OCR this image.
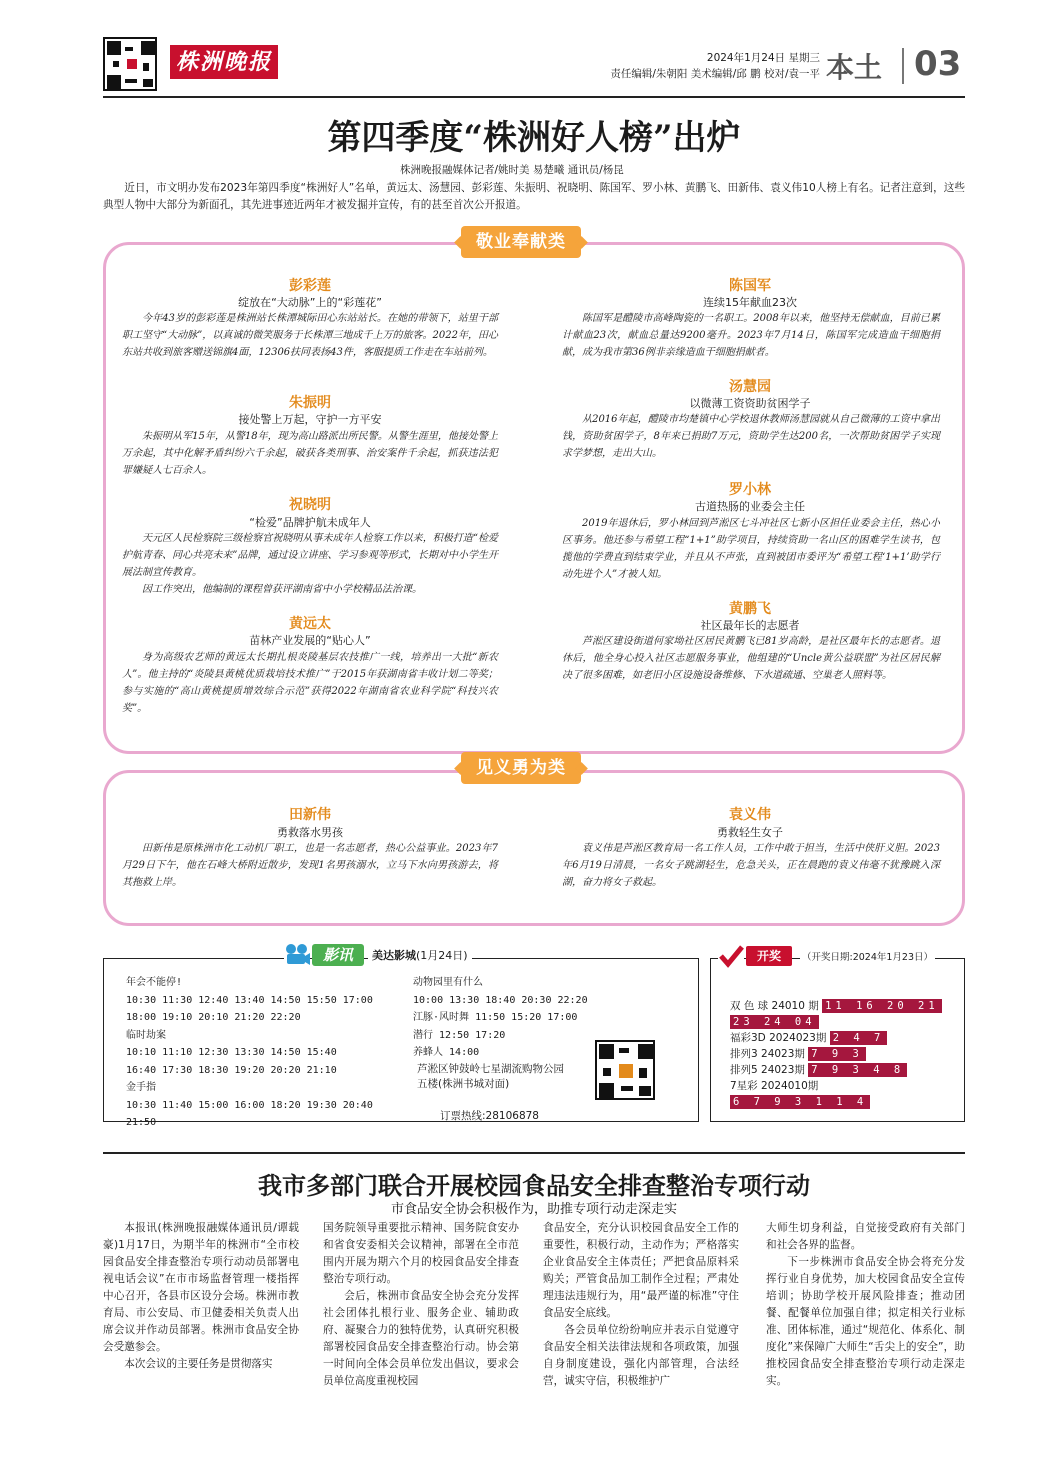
株洲晚报	2024年1月24日 星期三
责任编辑/朱朝阳 美术编辑/邱 鹏 校对/袁一平 本土 03
第四季度“株洲好人榜”出炉
株洲晚报融媒体记者/姚时美 易楚曦 通讯员/杨昆
近日，市文明办发布2023年第四季度“株洲好人”名单，黄远太、汤慧园、彭彩莲、朱振明、祝晓明、陈国军、罗小林、黄鹏飞、田新伟、袁义伟10人榜上有名。记者注意到，这些典型人物中大部分为新面孔，其先进事迹近两年才被发掘并宣传，有的甚至首次公开报道。
敬业奉献类
彭彩莲
绽放在“大动脉”上的“彩莲花”
今年43岁的彭彩莲是株洲站长株潭城际田心东站站长。在她的带领下，站里干部职工坚守“大动脉”，以真诚的微笑服务于长株潭三地成千上万的旅客。2022年，田心东站共收到旅客赠送锦旗4面，12306扶同表扬43件，客服提质工作走在车站前列。
朱振明
接处警上万起，守护一方平安
朱振明从军15年，从警18年，现为高山路派出所民警。从警生涯里，他接处警上万余起，其中化解矛盾纠纷六千余起，破获各类刑事、治安案件千余起，抓获违法犯罪嫌疑人七百余人。
祝晓明
“检爱”品牌护航未成年人
天元区人民检察院三级检察官祝晓明从事未成年人检察工作以来，积极打造“检爱护航青春、同心共亮未来”品牌，通过设立讲座、学习参观等形式，长期对中小学生开展法制宣传教育。
因工作突出，他编制的课程曾获评湖南省中小学校精品法治课。
黄远太
苗林产业发展的“贴心人”
身为高级农艺师的黄远太长期扎根炎陵基层农技推广一线，培养出一大批“新农人”。他主持的“炎陵县黄桃优质栽培技术推广”于2015年获湖南省丰收计划二等奖；参与实施的“高山黄桃提质增效综合示范”获得2022年湖南省农业科学院“科技兴农奖”。
陈国军
连续15年献血23次
陈国军是醴陵市高峰陶瓷的一名职工。2008年以来，他坚持无偿献血，目前已累计献血23次，献血总量达9200毫升。2023年7月14日，陈国军完成造血干细胞捐献，成为我市第36例非亲缘造血干细胞捐献者。
汤慧园
以微薄工资资助贫困学子
从2016年起，醴陵市均楚镇中心学校退休教师汤慧园就从自己微薄的工资中拿出钱，资助贫困学子，8年来已捐助7万元，资助学生达200名，一次帮助贫困学子实现求学梦想，走出大山。
罗小林
古道热肠的业委会主任
2019年退休后，罗小林回到芦淞区七斗冲社区七新小区担任业委会主任，热心小区事务。他还参与希望工程“1+1”助学项目，持续资助一名山区的困难学生读书，包揽他的学费直到结束学业，并且从不声张，直到被团市委评为“希望工程‘1+1’助学行动先进个人”才被人知。
黄鹏飞
社区最年长的志愿者
芦淞区建设街道何家坳社区居民黄鹏飞已81岁高龄，是社区最年长的志愿者。退休后，他全身心投入社区志愿服务事业，他组建的“Uncle黄公益联盟”为社区居民解决了很多困难，如老旧小区设施设备维修、下水道疏通、空巢老人照料等。
见义勇为类
田新伟
勇救落水男孩
田新伟是原株洲市化工动机厂职工，也是一名志愿者，热心公益事业。2023年7月29日下午，他在石峰大桥附近散步，发现1名男孩溺水，立马下水向男孩游去，将其拖救上岸。
袁义伟
勇救轻生女子
袁义伟是芦淞区教育局一名工作人员，工作中敢于担当，生活中侠肝义胆。2023年6月19日清晨，一名女子跳湖轻生，危急关头，正在晨跑的袁义伟毫不犹豫跳入深湖，奋力将女子救起。
影讯	美达影城(1月24日)
年会不能停!
10:30 11:30 12:40 13:40 14:50 15:50 17:00
18:00 19:10 20:10 21:20 22:20
临时劫案
10:10 11:10 12:30 13:30 14:50 15:40
16:40 17:30 18:30 19:20 20:20 21:10
金手指
10:30 11:40 15:00 16:00 18:20 19:30 20:40
21:50
动物园里有什么
10:00 13:30 18:40 20:30 22:20
江豚·风时舞 11:50 15:20 17:00
潜行 12:50 17:20
养蜂人 14:00
芦淞区钟鼓岭七星湖流购物公园五楼(株洲书城对面)
订票热线:28106878
开奖	（开奖日期:2024年1月23日）
双 色 球 24010 期 11 16 20 21
23 24 04
福彩3D 2024023期 2 4 7
排列3 24023期 7 9 3
排列5 24023期 7 9 3 4 8
7星彩 2024010期
6 7 9 3 1 1 4
我市多部门联合开展校园食品安全排查整治专项行动
市食品安全协会积极作为，助推专项行动走深走实

本报讯(株洲晚报融媒体通讯员/谭载豪)1月17日，为期半年的株洲市“全市校园食品安全排查整治专项行动动员部署电视电话会议”在市市场监督管理一楼指挥中心召开，各县市区设分会场。株洲市教育局、市公安局、市卫健委相关负责人出席会议并作动员部署。株洲市食品安全协会受邀参会。

本次会议的主要任务是贯彻落实

国务院领导重要批示精神、国务院食安办和省食安委相关会议精神，部署在全市范围内开展为期六个月的校园食品安全排查整治专项行动。

会后，株洲市食品安全协会充分发挥社会团体扎根行业、服务企业、辅助政府、凝聚合力的独特优势，认真研究积极部署校园食品安全排查整治行动。协会第一时间向全体会员单位发出倡议，要求会员单位高度重视校园

食品安全，充分认识校园食品安全工作的重要性，积极行动，主动作为；严格落实企业食品安全主体责任；严把食品原料采购关；严管食品加工制作全过程；严肃处理违法违规行为，用“最严谨的标准”守住食品安全底线。

各会员单位纷纷响应并表示自觉遵守食品安全相关法律法规和各项政策，加强自身制度建设，强化内部管理，合法经营，诚实守信，积极维护广

大师生切身利益，自觉接受政府有关部门和社会各界的监督。

下一步株洲市食品安全协会将充分发挥行业自身优势，加大校园食品安全宣传培训；协助学校开展风险排查；推动团餐、配餐单位加强自律；拟定相关行业标准、团体标准，通过“规范化、体系化、制度化”来保障广大师生“舌尖上的安全”，助推校园食品安全排查整治专项行动走深走实。
